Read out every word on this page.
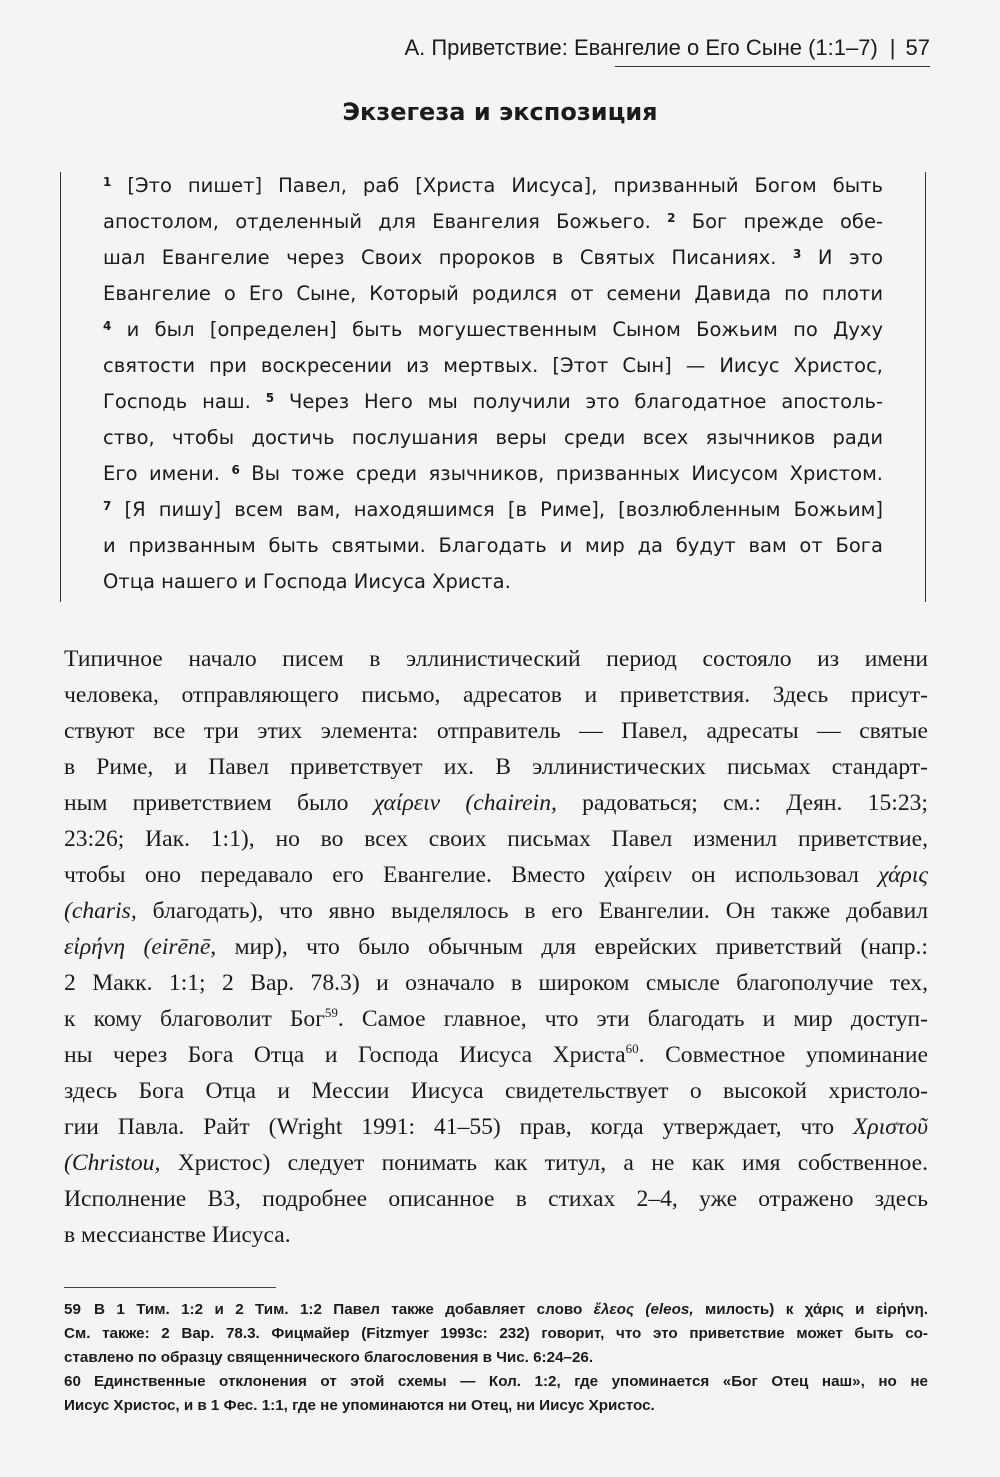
А. Приветствие: Евангелие о Его Сыне (1:1–7) | 57
Экзегеза и экспозиция
$^1$ [Это пишет] Павел, раб [Христа Иисуса], призванный Богом быть
апостолом, отделенный для Евангелия Божьего. $^2$ Бог прежде обе-
шал Евангелие через Своих пророков в Святых Писаниях. $^3$ И это
Евангелие о Его Сыне, Который родился от семени Давида по плоти
$^4$ и был [определен] быть могушественным Сыном Божьим по Духу
святости при воскресении из мертвых. [Этот Сын] — Иисус Христос,
Господь наш. $^5$ Через Него мы получили это благодатное апостоль-
ство, чтобы достичь послушания веры среди всех язычников ради
Его имени. $^6$ Вы тоже среди язычников, призванных Иисусом Христом.
$^7$ [Я пишу] всем вам, находяшимся [в Риме], [возлюбленным Божьим]
и призванным быть святыми. Благодать и мир да будут вам от Бога
Отца нашего и Господа Иисуса Христа.
Типичное начало писем в эллинистический период состояло из имени
человека, отправляющего письмо, адресатов и приветствия. Здесь присут-
ствуют все три этих элемента: отправитель — Павел, адресаты — святые
в Риме, и Павел приветствует их. В эллинистических письмах стандарт-
ным приветствием было χαίρειν (chairein, радоваться; см.: Деян. 15:23;
23:26; Иак. 1:1), но во всех своих письмах Павел изменил приветствие,
чтобы оно передавало его Евангелие. Вместо χαίρειν он использовал χάρις
(charis, благодать), что явно выделялось в его Евангелии. Он также добавил
εἰρήνη (eirēnē, мир), что было обычным для еврейских приветствий (напр.:
2 Макк. 1:1; 2 Вар. 78.3) и означало в широком смысле благополучие тех,
к кому благоволит Бог$^{59}$. Самое главное, что эти благодать и мир доступ-
ны через Бога Отца и Господа Иисуса Христа$^{60}$. Совместное упоминание
здесь Бога Отца и Мессии Иисуса свидетельствует о высокой христоло-
гии Павла. Райт (Wright 1991: 41–55) прав, когда утверждает, что Χριστοῦ
(Christou, Христос) следует понимать как титул, а не как имя собственное.
Исполнение ВЗ, подробнее описанное в стихах 2–4, уже отражено здесь
в мессианстве Иисуса.
59 В 1 Тим. 1:2 и 2 Тим. 1:2 Павел также добавляет слово ἔλεος (eleos, милость) к χάρις и εἰρήνη.
См. также: 2 Вар. 78.3. Фицмайер (Fitzmyer 1993c: 232) говорит, что это приветствие может быть со-
ставлено по образцу священнического благословения в Чис. 6:24–26.
60 Единственные отклонения от этой схемы — Кол. 1:2, где упоминается «Бог Отец наш», но не
Иисус Христос, и в 1 Фес. 1:1, где не упоминаются ни Отец, ни Иисус Христос.
